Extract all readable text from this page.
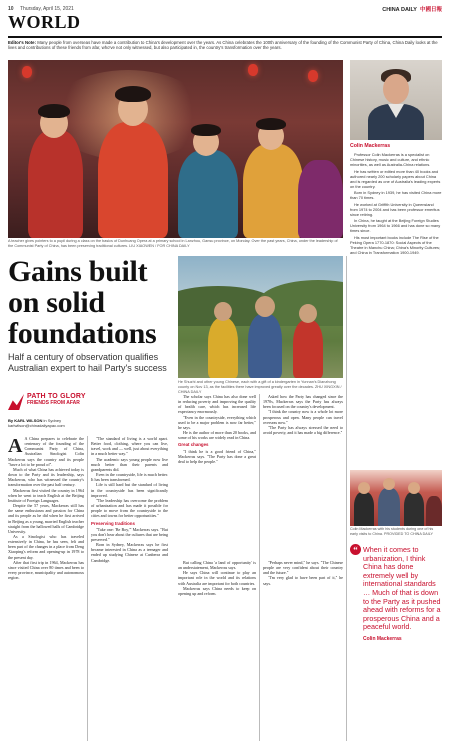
10 Thursday, April 15, 2021	CHINA DAILY 中國日報
WORLD
Editor's Note: Many people from overseas have made a contribution to China's development over the years. As China celebrates the 100th anniversary of the founding of the Communist Party of China, China Daily looks at the lives and contributions of these friends from afar, who've not only witnessed, but also participated in, the country's transformation over the years.
A teacher gives pointers to a pupil during a class on the basics of Dunhuang Opera at a primary school in Lanzhou, Gansu province, on Monday. Over the past years, China, under the leadership of the Communist Party of China, has been preserving traditional cultures. LIU XIAOWEN / FOR CHINA DAILY
Colin Mackerras

Professor Colin Mackerras is a specialist on Chinese history, music and culture, and ethnic minorities, as well as Australia-China relations.

He has written or edited more than 40 books and authored nearly 200 scholarly papers about China and is regarded as one of Australia's leading experts on the country.

Born in Sydney in 1939, he has visited China more than 70 times.

He worked at Griffith University in Queensland from 1974 to 2004 and has been professor emeritus since retiring.

In China, he taught at the Beijing Foreign Studies University from 1964 to 1966 and has done so many times since.

His most important books include The Rise of the Peking Opera 1770-1870: Social Aspects of the Theatre in Manchu China; China's Minority Cultures; and China in Transformation 1900-1949.

Gains built on solid foundations
Half a century of observation qualifies Australian expert to hail Party's success
PATH TO GLORY
FRIENDS FROM AFAR
By KARL WILSON in Sydney
karlwilson@chinadailyapac.com

A A China prepares to celebrate the centenary of the founding of the Communist Party of China, Australian Sinologist Colin Mackerras says the country and its people "have a lot to be proud of".

Much of what China has achieved today is down to the Party and its leadership, says Mackerras, who has witnessed the country's transformation over the past half century.

Mackerras first visited the country in 1964 when he went to teach English at the Beijing Institute of Foreign Languages.

Despite the 57 years, Mackerras still has the same enthusiasm and passion for China and its people as he did when he first arrived in Beijing as a young, married English teacher straight from the hallowed halls of Cambridge University.

As a Sinologist who has traveled extensively in China, he has seen, felt and been part of the changes in a place from Deng Xiaoping's reform and opening-up in 1978 to the present day.

After that first trip in 1964, Mackerras has since visited China over 80 times and been to every province, municipality and autonomous region.

"The standard of living is a world apart. Better food, clothing, where you can live, travel, work and — well, just about everything in a much better way."

The academic says young people now live much better than their parents and grandparents did.

Even in the countryside, life is much better. It has been transformed.

Life is still hard but the standard of living in the countryside has been significantly improved.

"The leadership has overcome the problem of urbanization and has made it possible for people to move from the countryside to the cities and towns for better opportunities."

Preserving traditions

"Take one: 'Be Boy,'" Mackerras says. "But you don't hear about the cultures that are being preserved."

Born in Sydney, Mackerras says he first became interested in China as a teenager and ended up studying Chinese at Canberra and Cambridge.

He Shuzhi and other young Chinese, each with a gift of a kindergarten in Yunnan's Dianzhong county on Nov 13, as the facilities there have improved greatly over the decades. ZHU XINGXIN / CHINA DAILY

The scholar says China has also done well in reducing poverty and improving the quality of health care, which has increased life expectancy enormously.

"Even in the countryside, everything which used to be a major problem is now far better," he says.

He is the author of more than 20 books, and some of his works are widely read in China.

Great changes

"I think he is a good friend of China," Mackerras says. "The Party has done a great deal to help the people."

Asked how the Party has changed since the 1970s, Mackerras says the Party has always been focused on the country's development.

"I think the country now is a whole lot more prosperous and open. Many people can travel overseas now."

"The Party has always stressed the need to avoid poverty, and it has made a big difference."

But calling China 'a land of opportunity' is an understatement, Mackerras says.

He says China will continue to play an important role in the world and its relations with Australia are important for both countries.

Mackerras says China needs to keep on opening up and reform.

"Perhaps never mind," he says. "The Chinese people are very confident about their country and the future."

"I'm very glad to have been part of it," he says.

Colin Mackerras with his students during one of his early visits to China. PROVIDED TO CHINA DAILY
“ When it comes to urbanization, I think China has done extremely well by international standards … Much of that is down to the Party as it pushed ahead with reforms for a prosperous China and a peaceful world.
Colin Mackerras
